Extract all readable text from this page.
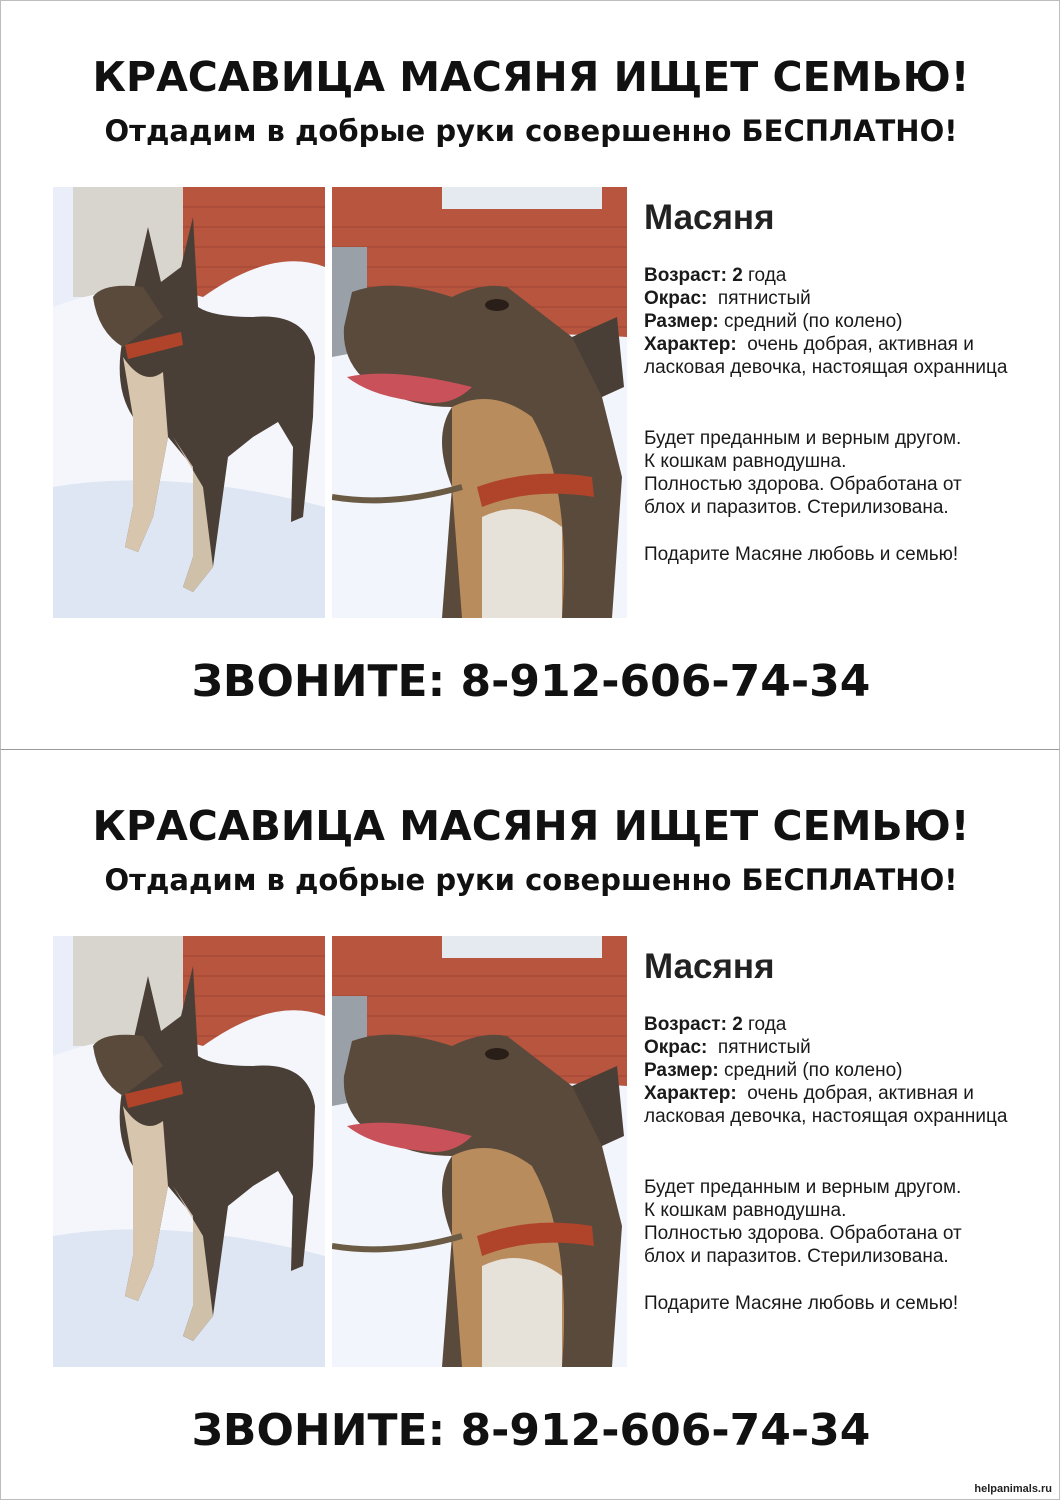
КРАСАВИЦА МАСЯНЯ ИЩЕТ СЕМЬЮ!
Отдадим в добрые руки совершенно БЕСПЛАТНО!
Масяня
Возраст: 2 года
Окрас: пятнистый
Размер: средний (по колено)
Характер: очень добрая, активная и ласковая девочка, настоящая охранница
Будет преданным и верным другом.
К кошкам равнодушна.
Полностью здорова. Обработана от
блох и паразитов. Стерилизована.
Подарите Масяне любовь и семью!
ЗВОНИТЕ: 8-912-606-74-34
КРАСАВИЦА МАСЯНЯ ИЩЕТ СЕМЬЮ!
Отдадим в добрые руки совершенно БЕСПЛАТНО!
Масяня
Возраст: 2 года
Окрас: пятнистый
Размер: средний (по колено)
Характер: очень добрая, активная и ласковая девочка, настоящая охранница
Будет преданным и верным другом.
К кошкам равнодушна.
Полностью здорова. Обработана от
блох и паразитов. Стерилизована.
Подарите Масяне любовь и семью!
ЗВОНИТЕ: 8-912-606-74-34
helpanimals.ru
